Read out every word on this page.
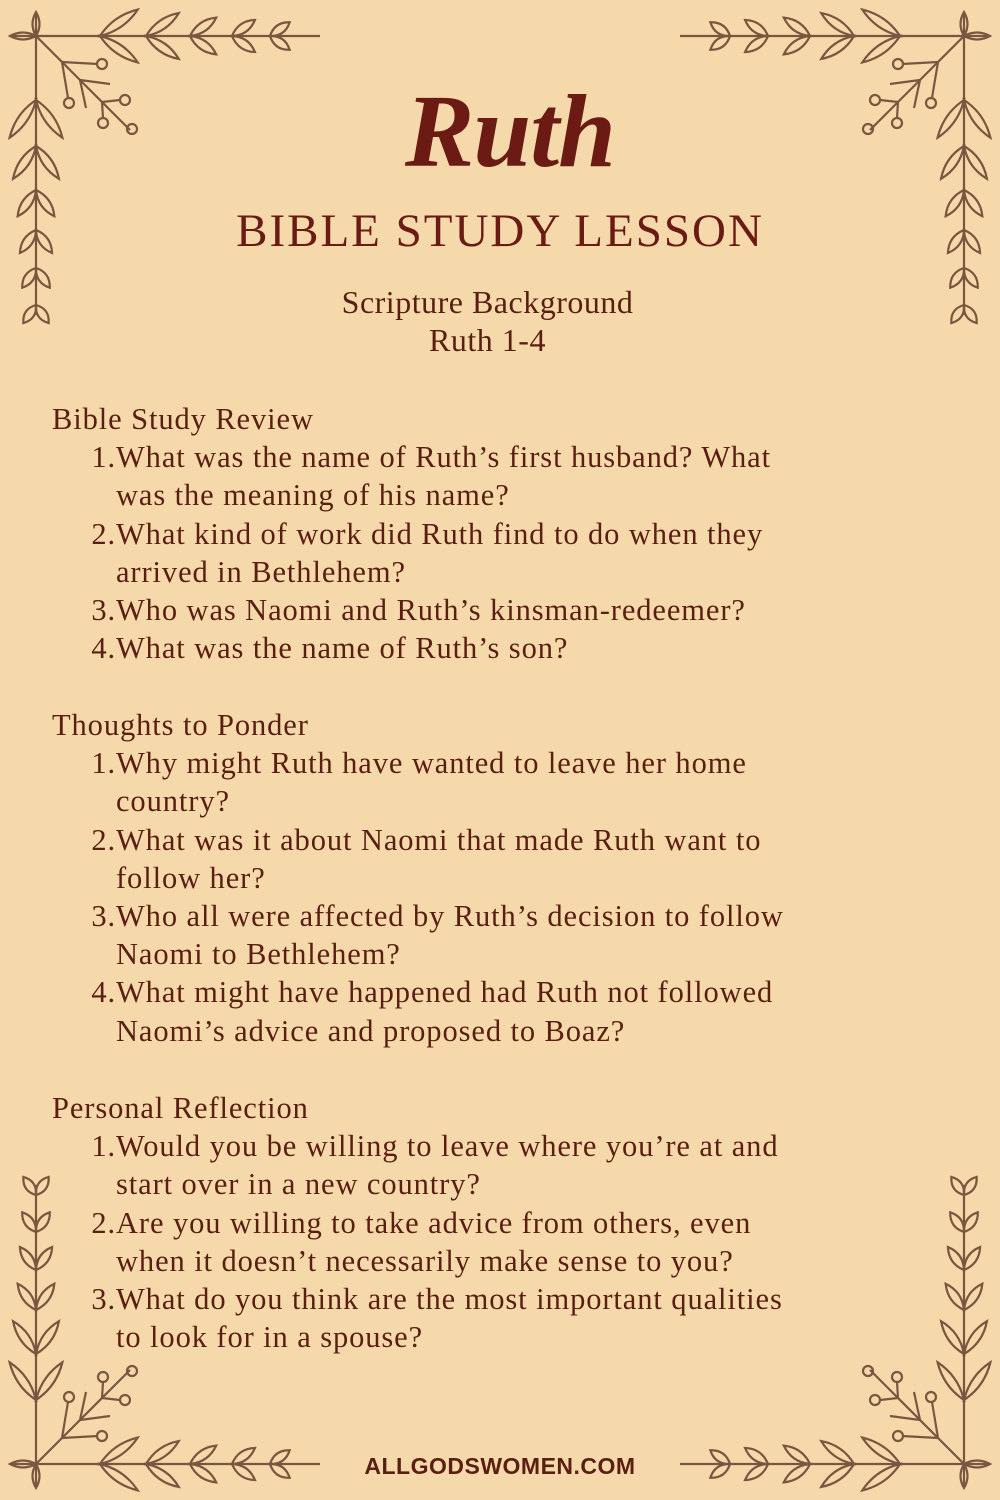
Ruth
BIBLE STUDY LESSON
Scripture Background
Ruth 1-4
Bible Study Review
1. What was the name of Ruth’s first husband? What
was the meaning of his name?
2. What kind of work did Ruth find to do when they
arrived in Bethlehem?
3. Who was Naomi and Ruth’s kinsman-redeemer?
4. What was the name of Ruth’s son?
Thoughts to Ponder
1. Why might Ruth have wanted to leave her home
country?
2. What was it about Naomi that made Ruth want to
follow her?
3. Who all were affected by Ruth’s decision to follow
Naomi to Bethlehem?
4. What might have happened had Ruth not followed
Naomi’s advice and proposed to Boaz?
Personal Reflection
1. Would you be willing to leave where you’re at and
start over in a new country?
2. Are you willing to take advice from others, even
when it doesn’t necessarily make sense to you?
3. What do you think are the most important qualities
to look for in a spouse?
ALLGODSWOMEN.COM
